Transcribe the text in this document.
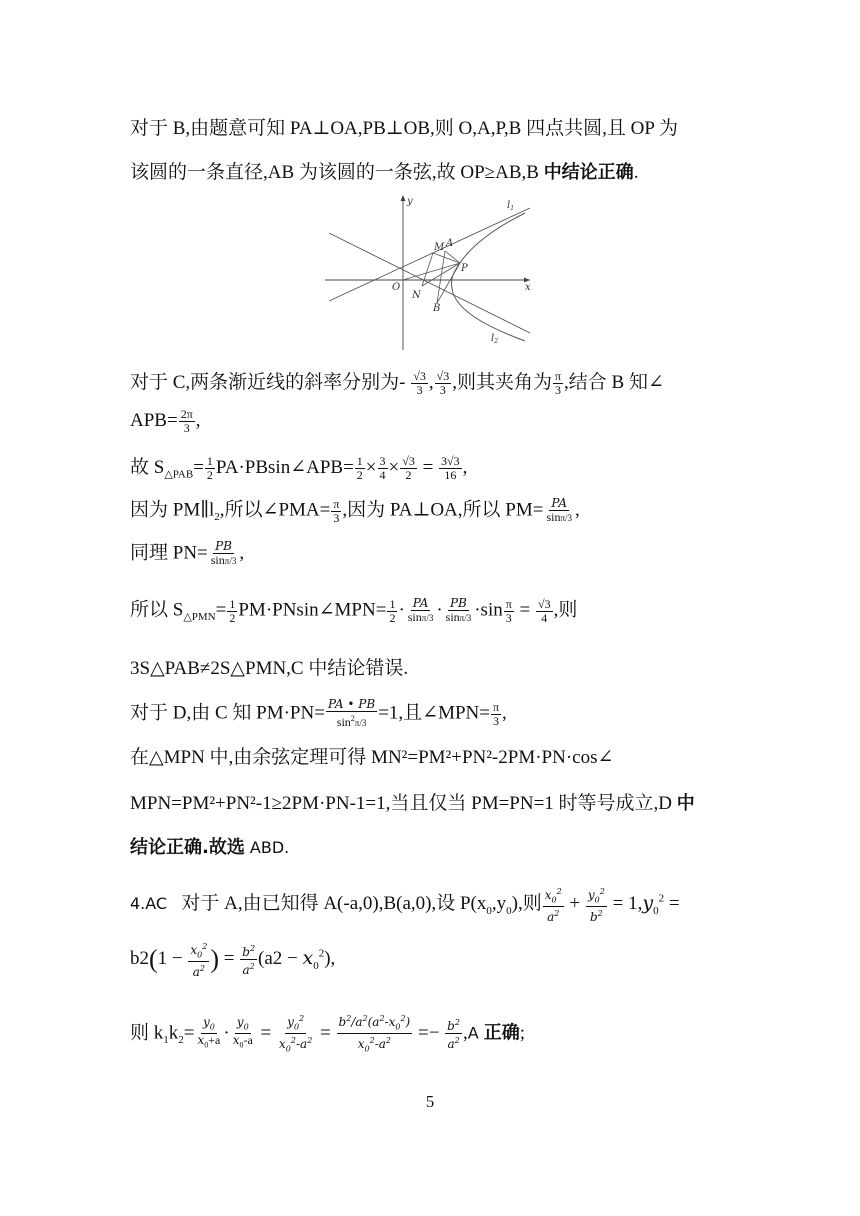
对于 B,由题意可知 PA⊥OA,PB⊥OB,则 O,A,P,B 四点共圆,且 OP 为
该圆的一条直径,AB 为该圆的一条弦,故 OP≥AB,B 中结论正确.
y
x
O
M A
P
N
B
$l_1$
$l_2$
对于 C,两条渐近线的斜率分别为- $\frac{√3}{3}$ , $\frac{√3}{3}$ ,则其夹角为 $\frac{\pi}{3}$ ,结合 B 知∠
$APB= \frac{2\pi}{3}$ ,
故 $S_{\triangle PAB}= \frac{1}{2}$ PA·PBsin∠APB= $\frac{1}{2} \times \frac{3}{4} \times \frac{√3}{2} = \frac{3√3}{16}$ ,
因为 $PM\parallel l_2$,所以∠PMA= $\frac{\pi}{3}$ ,因为 PA⊥OA,所以 $PM= \frac{PA}{\sin\pi/3}$ ,
同理 $PN= \frac{PB}{\sin\pi/3}$ ,
所以 $S_{\triangle PMN}= \frac{1}{2}$ PM·PNsin∠MPN= $\frac{1}{2} \cdot \frac{PA}{\sin\pi/3} \cdot \frac{PB}{\sin\pi/3} \cdot\sin \frac{\pi}{3} = \frac{√3}{4}$ ,则
3S△PAB≠2S△PMN,C 中结论错误.
对于 D,由 C 知 $PM\cdot PN= \frac{PA • PB}{\sin^2\pi/3} =1$,且∠MPN= $\frac{\pi}{3}$ ,
在△MPN 中,由余弦定理可得 MN²=PM²+PN²-2PM·PN·cos∠
MPN=PM²+PN²-1≥2PM·PN-1=1,当且仅当 PM=PN=1 时等号成立,D 中
结论正确.故选 ABD.
4.AC 对于 A,由已知得 A(-a,0),B(a,0),设 $P(x_0,y_0)$,则 $\frac{x_0^2}{a^2} + \frac{y_0^2}{b^2} = 1,y_0^2$ =
$b2(1 - \frac{x_0^2}{a^2}$ ) = $\frac{b^2}{a^2} (a2 - x_0^2)$,
则 $k_1k_2= \frac{y_0}{x_0+a} \cdot \frac{y_0}{x_0-a} = \frac{y_0^2}{x_0^2-a^2} = \frac{b^2/a^2(a^2-x_0^2)}{x_0^2-a^2} =- \frac{b^2}{a^2} ,A$ 正确;
5
